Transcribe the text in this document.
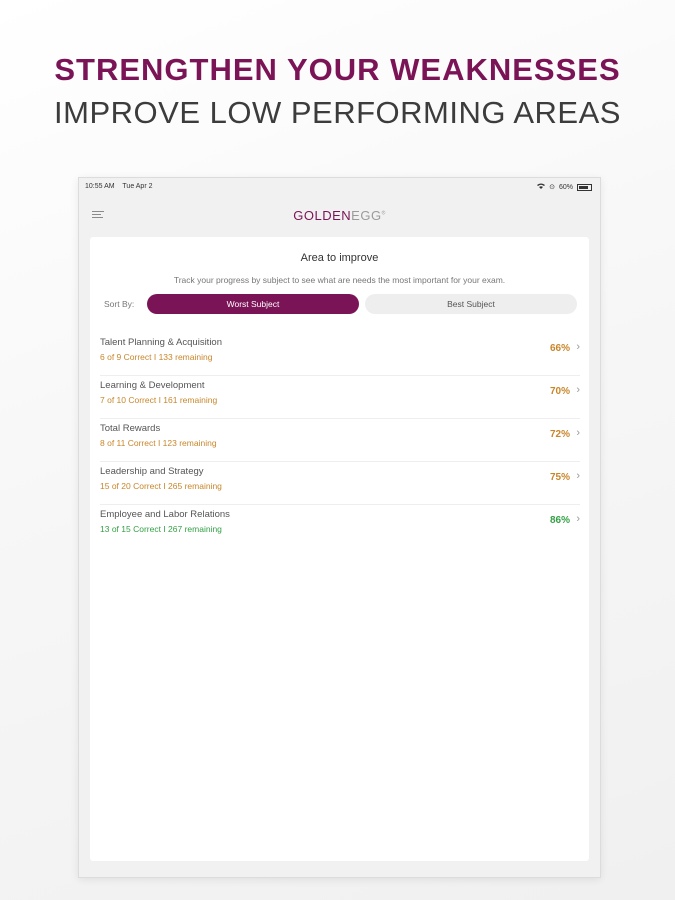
STRENGTHEN YOUR WEAKNESSES
IMPROVE LOW PERFORMING AREAS
10:55 AM Tue Apr 2	⊙ 60%
GOLDENEGG®
Area to improve
Track your progress by subject to see what are needs the most important for your exam.
Sort By:	Worst Subject	Best Subject
Talent Planning & Acquisition
6 of 9 Correct I 133 remaining
66% ›
Learning & Development
7 of 10 Correct I 161 remaining
70% ›
Total Rewards
8 of 11 Correct I 123 remaining
72% ›
Leadership and Strategy
15 of 20 Correct I 265 remaining
75% ›
Employee and Labor Relations
13 of 15 Correct I 267 remaining
86% ›
